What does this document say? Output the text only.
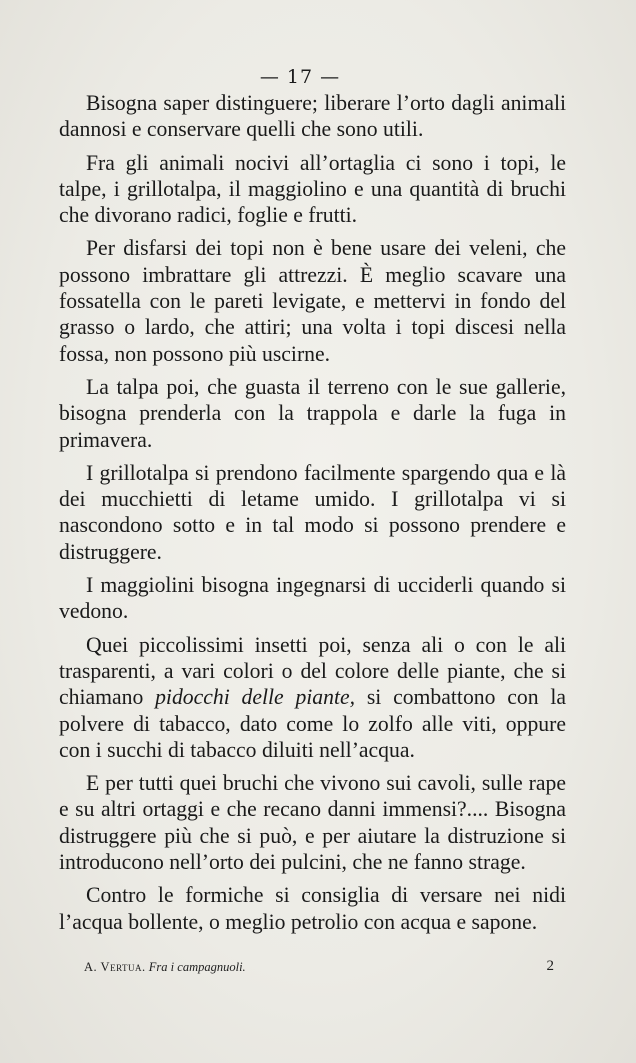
— 17 —

Bisogna saper distinguere; liberare l’orto dagli animali dannosi e conservare quelli che sono utili.

Fra gli animali nocivi all’ortaglia ci sono i topi, le talpe, i grillotalpa, il maggiolino e una quantità di bruchi che divorano radici, foglie e frutti.

Per disfarsi dei topi non è bene usare dei veleni, che possono imbrattare gli attrezzi. È meglio scavare una fossatella con le pareti levigate, e mettervi in fondo del grasso o lardo, che attiri; una volta i topi discesi nella fossa, non possono più uscirne.

La talpa poi, che guasta il terreno con le sue gallerie, bisogna prenderla con la trappola e darle la fuga in primavera.

I grillotalpa si prendono facilmente spargendo qua e là dei mucchietti di letame umido. I grillotalpa vi si nascondono sotto e in tal modo si possono prendere e distruggere.

I maggiolini bisogna ingegnarsi di ucciderli quando si vedono.

Quei piccolissimi insetti poi, senza ali o con le ali trasparenti, a vari colori o del colore delle piante, che si chiamano pidocchi delle piante, si combattono con la polvere di tabacco, dato come lo zolfo alle viti, oppure con i succhi di tabacco diluiti nell’acqua.

E per tutti quei bruchi che vivono sui cavoli, sulle rape e su altri ortaggi e che recano danni immensi?.... Bisogna distruggere più che si può, e per aiutare la distruzione si introducono nell’orto dei pulcini, che ne fanno strage.

Contro le formiche si consiglia di versare nei nidi l’acqua bollente, o meglio petrolio con acqua e sapone.

A. Vertua. Fra i campagnuoli.	2
